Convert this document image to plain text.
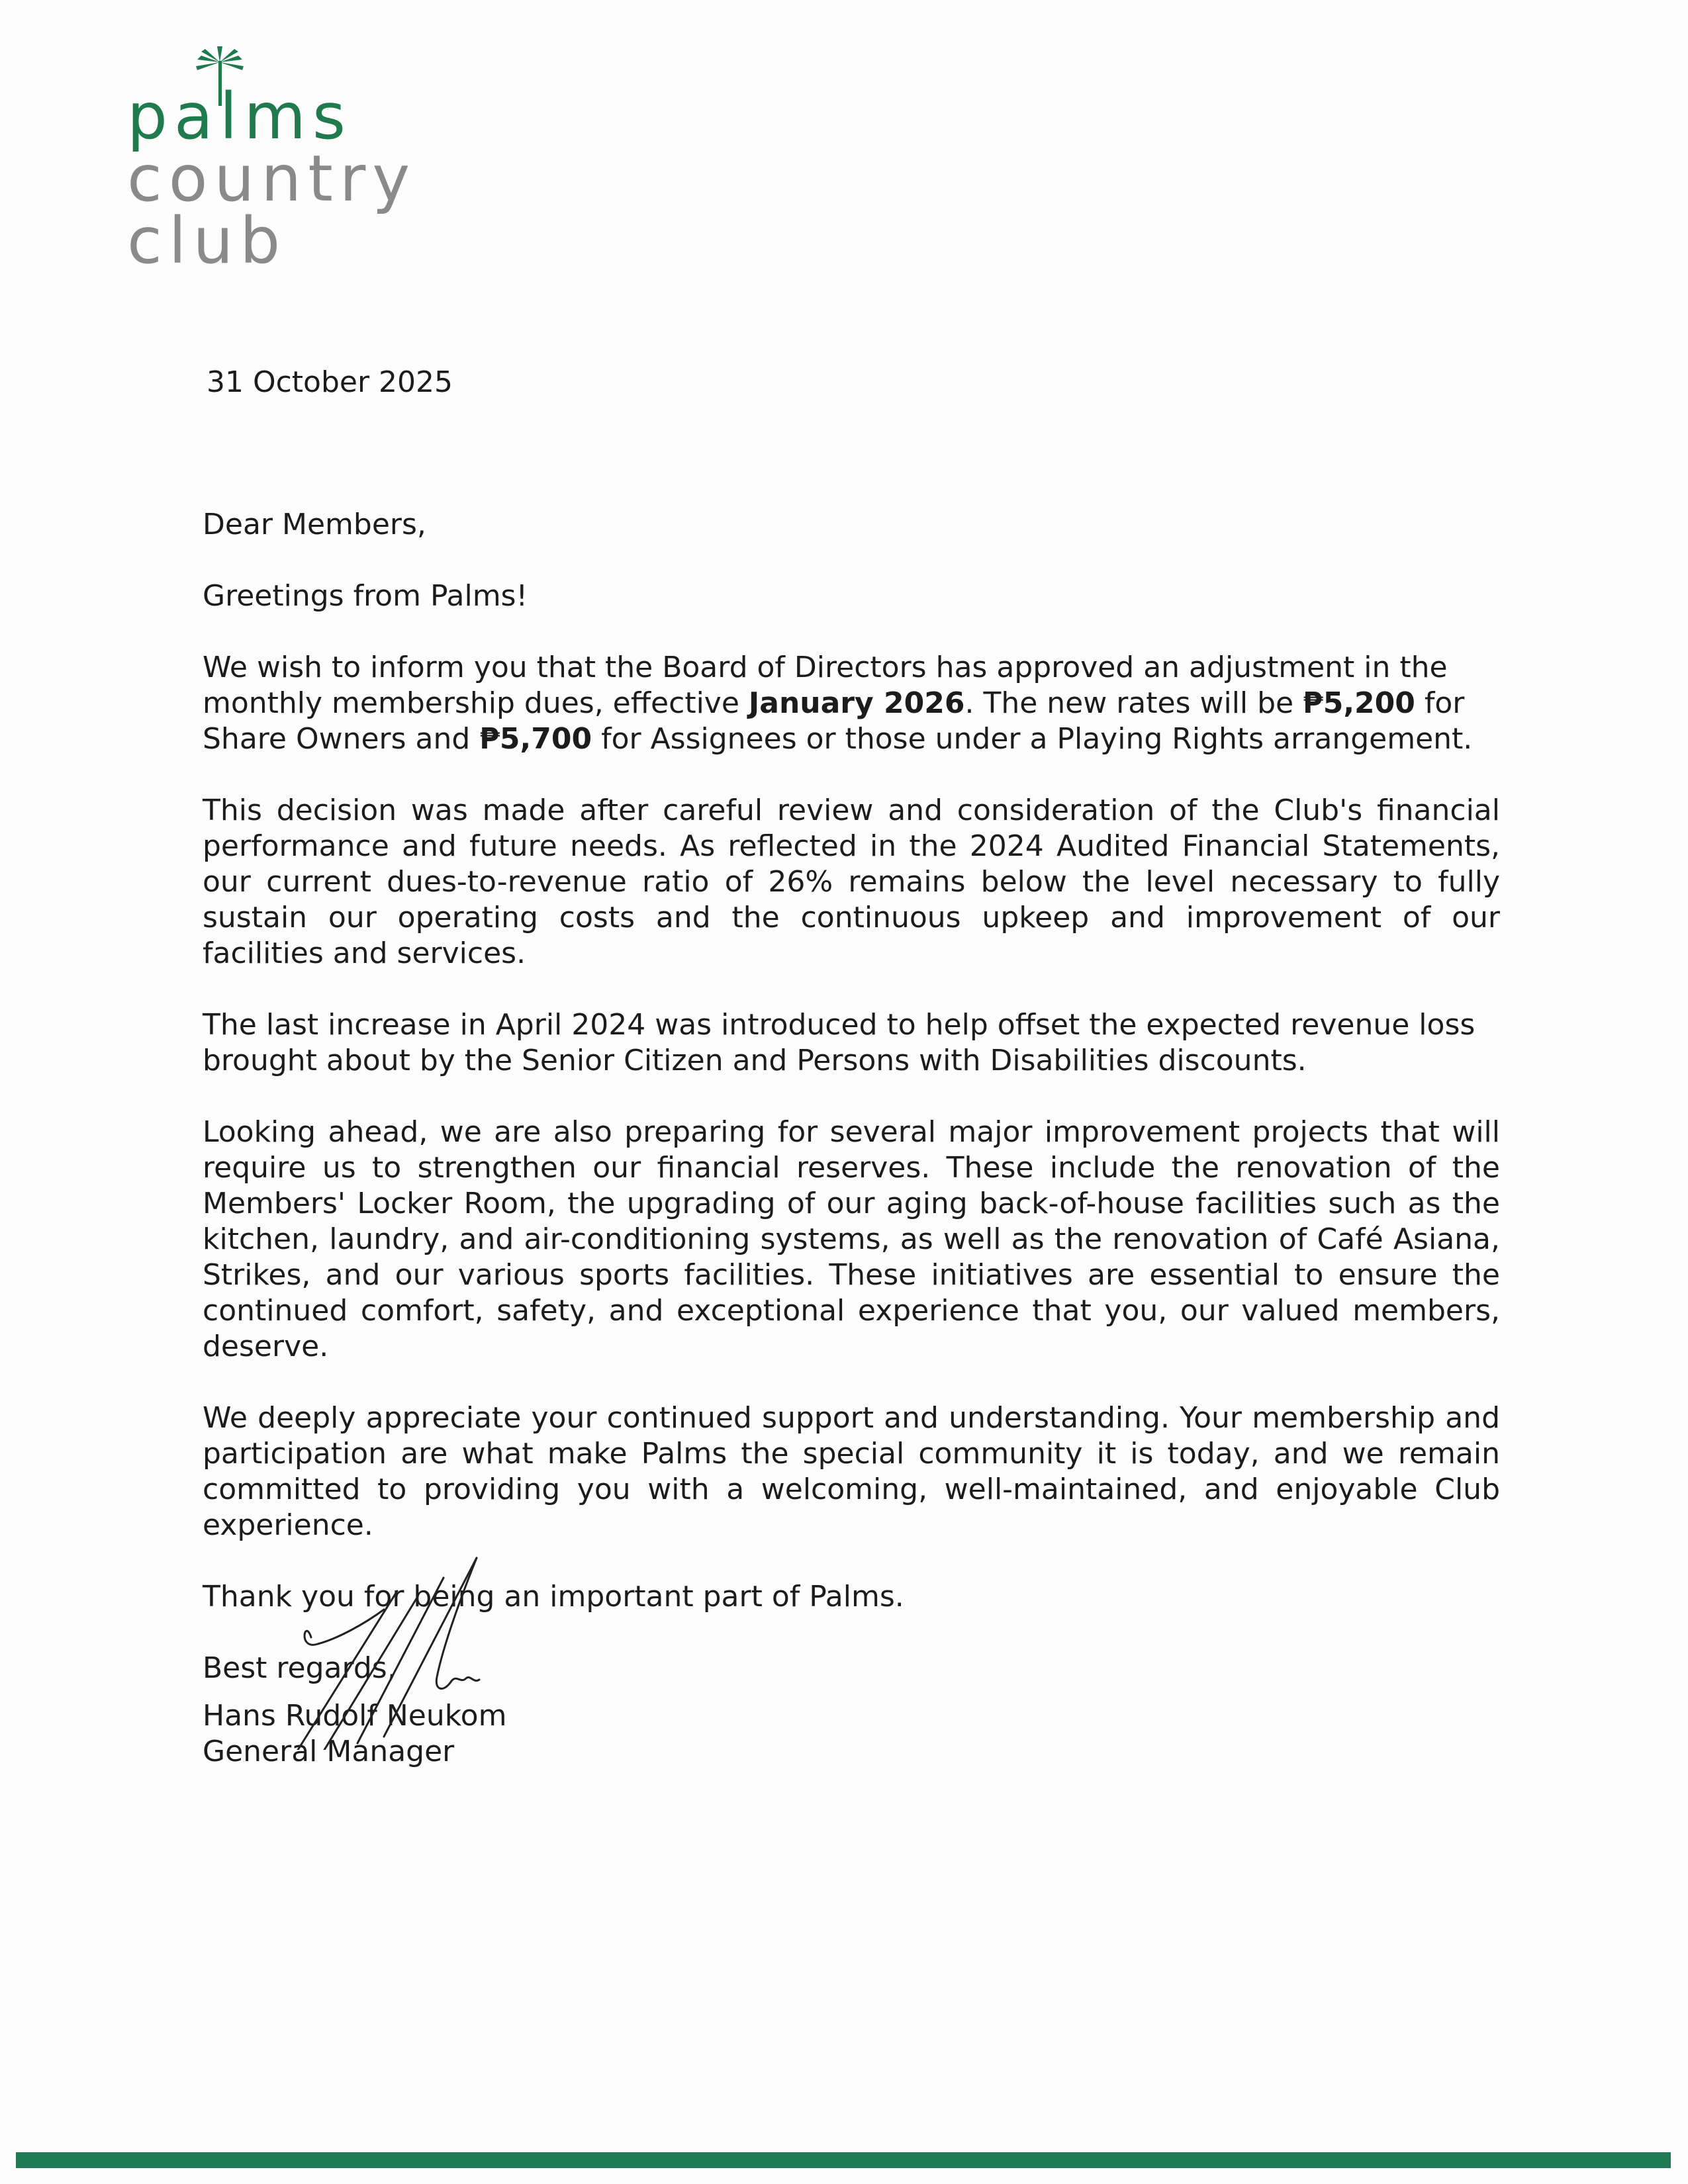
palms
country
club
31 October 2025

Dear Members,

Greetings from Palms!

We wish to inform you that the Board of Directors has approved an adjustment in the monthly membership dues, effective January 2026. The new rates will be ₱5,200 for Share Owners and ₱5,700 for Assignees or those under a Playing Rights arrangement.

This decision was made after careful review and consideration of the Club's financial performance and future needs. As reflected in the 2024 Audited Financial Statements, our current dues-to-revenue ratio of 26% remains below the level necessary to fully sustain our operating costs and the continuous upkeep and improvement of our facilities and services.

The last increase in April 2024 was introduced to help offset the expected revenue loss brought about by the Senior Citizen and Persons with Disabilities discounts.

Looking ahead, we are also preparing for several major improvement projects that will require us to strengthen our financial reserves. These include the renovation of the Members' Locker Room, the upgrading of our aging back-of-house facilities such as the kitchen, laundry, and air-conditioning systems, as well as the renovation of Café Asiana, Strikes, and our various sports facilities. These initiatives are essential to ensure the continued comfort, safety, and exceptional experience that you, our valued members, deserve.

We deeply appreciate your continued support and understanding. Your membership and participation are what make Palms the special community it is today, and we remain committed to providing you with a welcoming, well-maintained, and enjoyable Club experience.

Thank you for being an important part of Palms.

Best regards,

Hans Rudolf Neukom
General Manager
